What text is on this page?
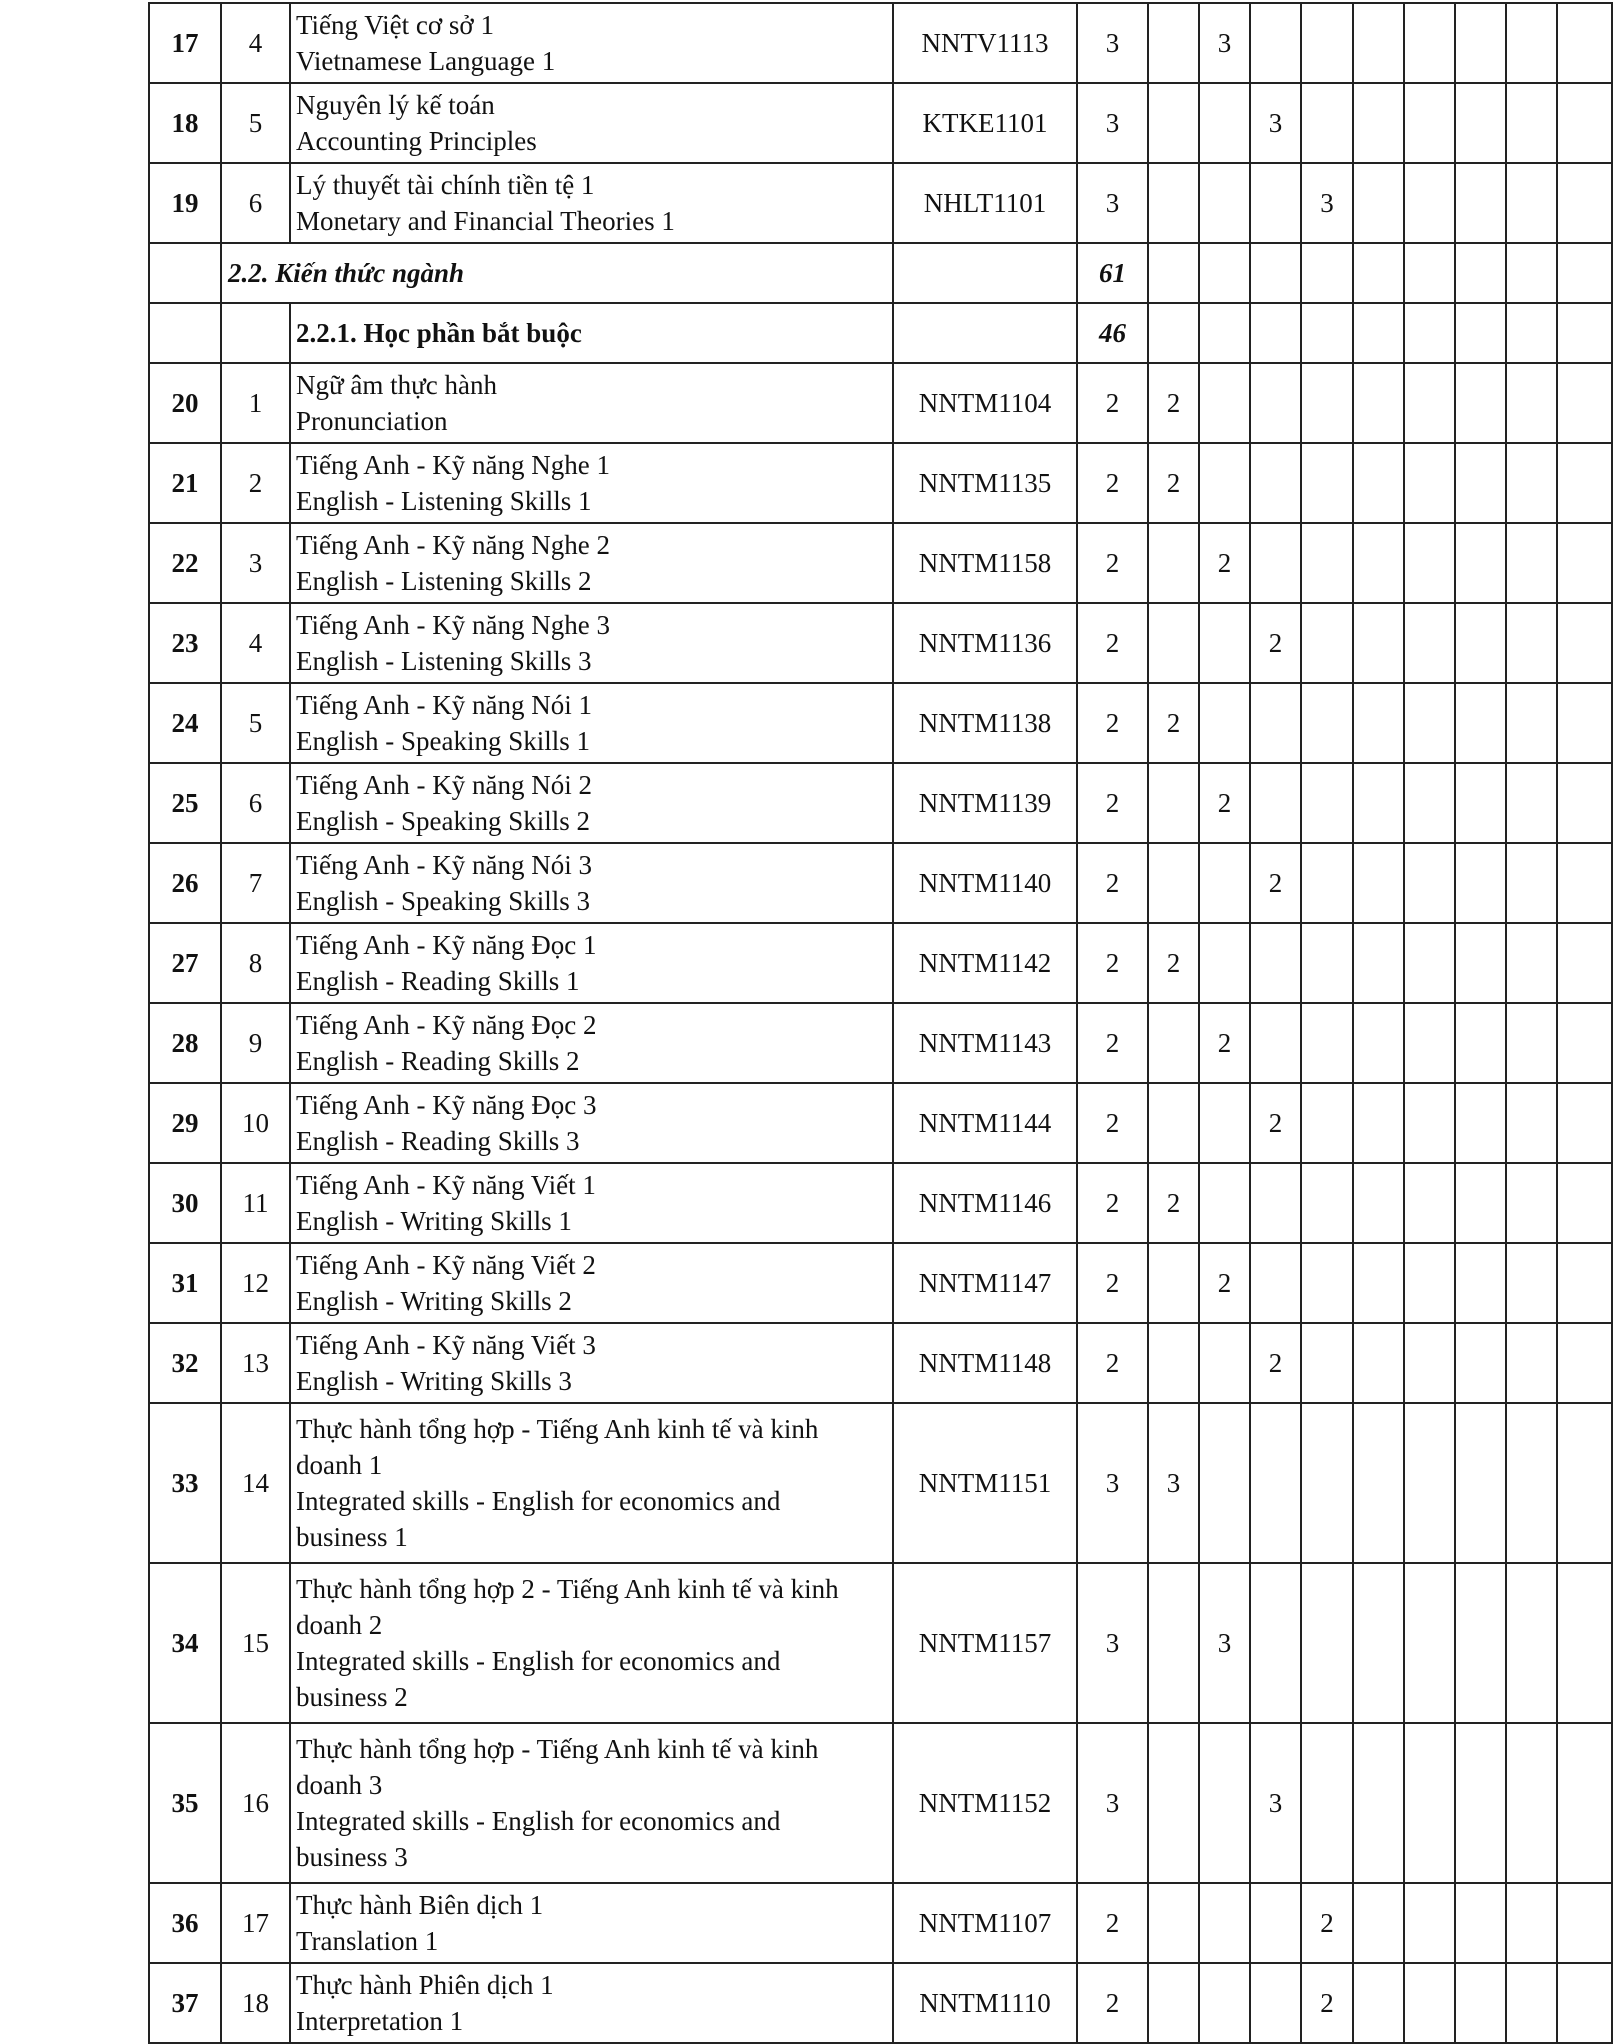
17	4	Tiếng Việt cơ sở 1
Vietnamese Language 1	NNTV1113	3		3							
18	5	Nguyên lý kế toán
Accounting Principles	KTKE1101	3			3						
19	6	Lý thuyết tài chính tiền tệ 1
Monetary and Financial Theories 1	NHLT1101	3				3					
	2.2. Kiến thức ngành			61									
		2.2.1. Học phần bắt buộc		46									
20	1	Ngữ âm thực hành
Pronunciation	NNTM1104	2	2								
21	2	Tiếng Anh - Kỹ năng Nghe 1
English - Listening Skills 1	NNTM1135	2	2								
22	3	Tiếng Anh - Kỹ năng Nghe 2
English - Listening Skills 2	NNTM1158	2		2							
23	4	Tiếng Anh - Kỹ năng Nghe 3
English - Listening Skills 3	NNTM1136	2			2						
24	5	Tiếng Anh - Kỹ năng Nói 1
English - Speaking Skills 1	NNTM1138	2	2								
25	6	Tiếng Anh - Kỹ năng Nói 2
English - Speaking Skills 2	NNTM1139	2		2							
26	7	Tiếng Anh - Kỹ năng Nói 3
English - Speaking Skills 3	NNTM1140	2			2						
27	8	Tiếng Anh - Kỹ năng Đọc 1
English - Reading Skills 1	NNTM1142	2	2								
28	9	Tiếng Anh - Kỹ năng Đọc 2
English - Reading Skills 2	NNTM1143	2		2							
29	10	Tiếng Anh - Kỹ năng Đọc 3
English - Reading Skills 3	NNTM1144	2			2						
30	11	Tiếng Anh - Kỹ năng Viết 1
English - Writing Skills 1	NNTM1146	2	2								
31	12	Tiếng Anh - Kỹ năng Viết 2
English - Writing Skills 2	NNTM1147	2		2							
32	13	Tiếng Anh - Kỹ năng Viết 3
English - Writing Skills 3	NNTM1148	2			2						
33	14	Thực hành tổng hợp - Tiếng Anh kinh tế và kinh
doanh 1
Integrated skills - English for economics and
business 1	NNTM1151	3	3								
34	15	Thực hành tổng hợp 2 - Tiếng Anh kinh tế và kinh
doanh 2
Integrated skills - English for economics and
business 2	NNTM1157	3		3							
35	16	Thực hành tổng hợp - Tiếng Anh kinh tế và kinh
doanh 3
Integrated skills - English for economics and
business 3	NNTM1152	3			3						
36	17	Thực hành Biên dịch 1
Translation 1	NNTM1107	2				2					
37	18	Thực hành Phiên dịch 1
Interpretation 1	NNTM1110	2				2					
